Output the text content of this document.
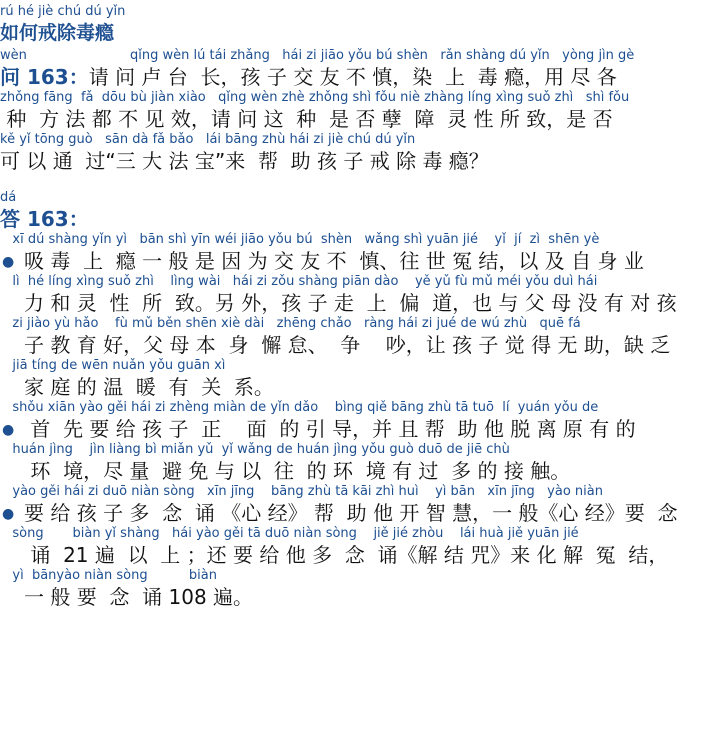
rú hé jiè chú dú yǐn
如何戒除毒瘾
wèn
问 163：
qǐng wèn lú tái zhǎng   hái zi jiāo yǒu bú shèn   rǎn shàng dú yǐn   yòng jìn gè
请 问 卢 台  长，孩 子 交 友 不 慎，染  上  毒 瘾，用 尽 各
zhǒng fāng  fǎ  dōu bù jiàn xiào   qǐng wèn zhè zhǒng shì fǒu niè zhàng líng xìng suǒ zhì   shì fǒu
种  方 法 都 不 见 效，请 问 这  种  是 否 孽  障  灵 性 所 致，是 否
kě yǐ tōng guò   sān dà fǎ bǎo   lái bāng zhù hái zi jiè chú dú yǐn
可 以 通  过“三 大 法 宝”来  帮  助 孩 子 戒 除 毒 瘾？
dá
答 163：
●
xī dú shàng yǐn yì   bān shì yīn wéi jiāo yǒu bú  shèn   wǎng shì yuān jié    yǐ  jí  zì  shēn yè
吸 毒  上  瘾 一 般 是 因 为 交 友 不  慎、往 世 冤 结，以 及 自 身 业
lì  hé líng xìng suǒ zhì    lìng wài   hái zi zǒu shàng piān dào    yě yǔ fù mǔ méi yǒu duì hái
力 和 灵  性  所  致。另 外，孩 子 走  上  偏  道，也 与 父 母 没 有 对 孩
zi jiào yù hǎo    fù mǔ běn shēn xiè dài   zhēng chǎo   ràng hái zi jué de wú zhù   quē fá
子 教 育 好，父 母 本  身  懈 怠、  争    吵，让 孩 子 觉 得 无 助，缺 乏
jiā tíng de wēn nuǎn yǒu guān xì
家 庭 的 温  暖  有  关  系。
●
shǒu xiān yào gěi hái zi zhèng miàn de yǐn dǎo    bìng qiě bāng zhù tā tuō  lí  yuán yǒu de
首  先 要 给 孩 子  正    面  的 引 导，并 且 帮  助 他 脱 离 原 有 的
huán jìng    jìn liàng bì miǎn yǔ  yǐ wǎng de huán jìng yǒu guò duō de jiē chù
环  境，尽 量  避 免 与 以  往  的 环  境 有 过  多 的 接 触。
●
yào gěi hái zi duō niàn sòng   xīn jīng    bāng zhù tā kāi zhì huì    yì bān   xīn jīng   yào niàn
要 给 孩 子 多  念  诵 《心 经》 帮  助 他 开 智 慧，一 般《心 经》要  念
sòng       biàn yǐ shàng   hái yào gěi tā duō niàn sòng    jiě jié zhòu    lái huà jiě yuān jié
诵  21 遍  以  上 ；还 要 给 他 多  念  诵《解 结 咒》来 化 解  冤  结，
yì  bānyào niàn sòng          biàn
一 般 要  念  诵 108 遍。
